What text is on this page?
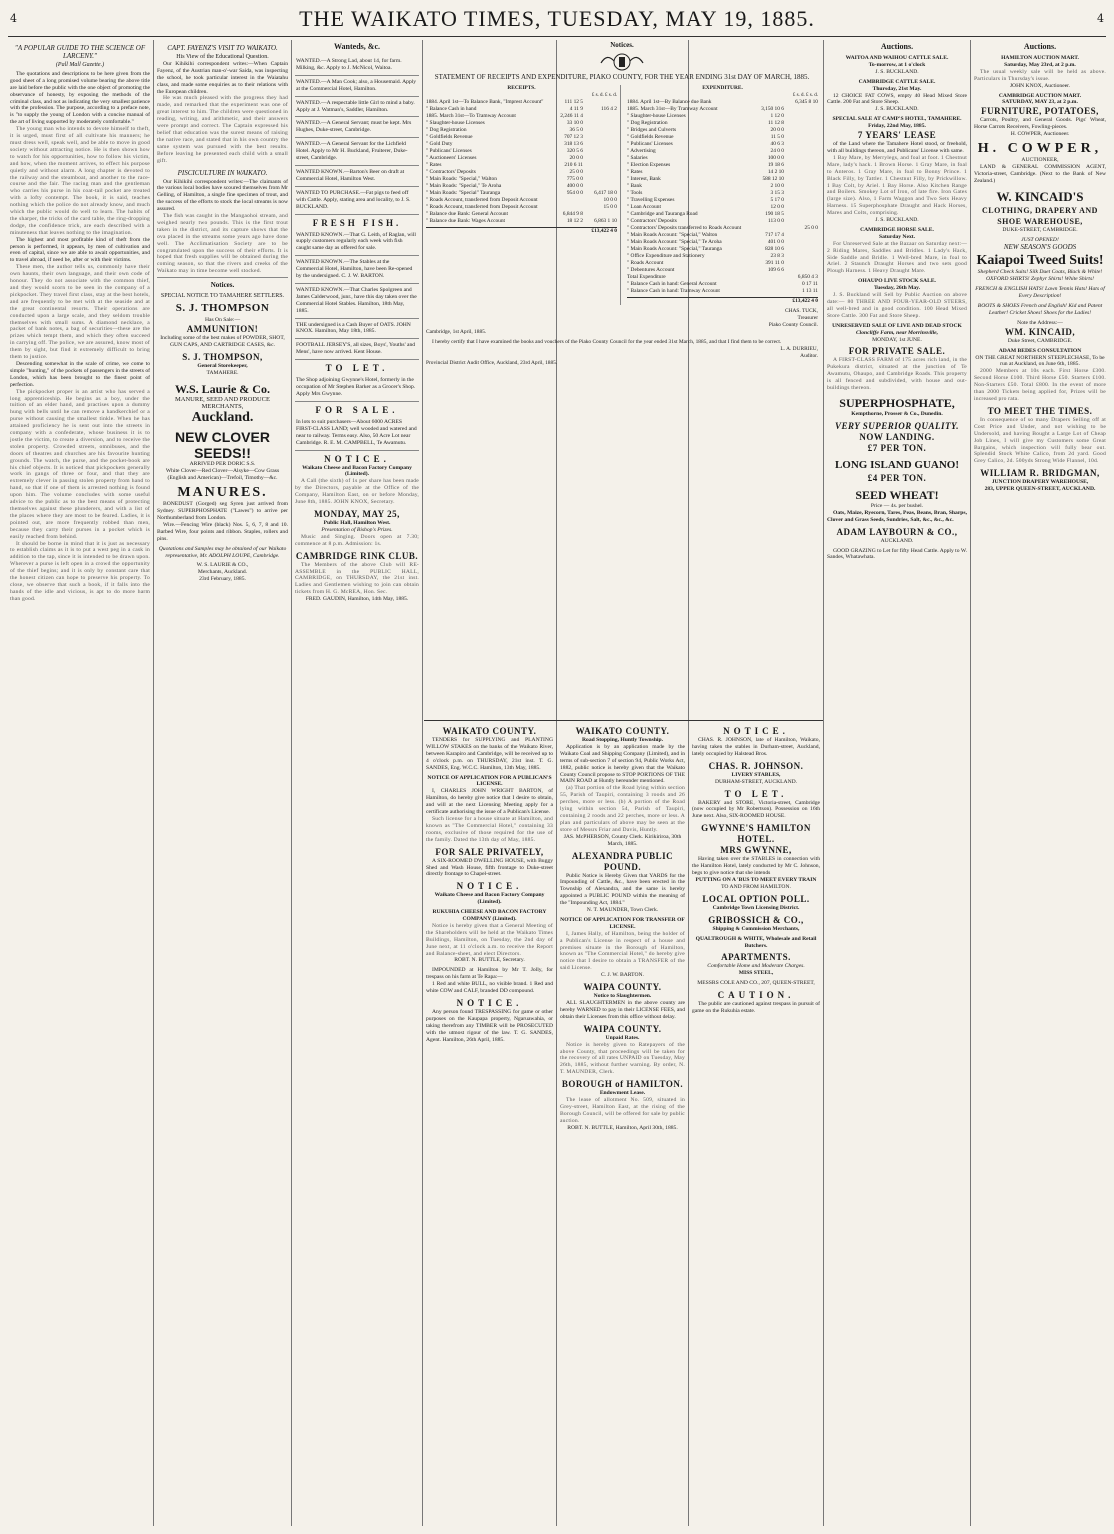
4	THE WAIKATO TIMES, TUESDAY, MAY 19, 1885.	4
"A POPULAR GUIDE TO THE SCIENCE OF LARCENY."
(Pall Mall Gazette.)

The quotations and descriptions to be here given from the good sheet of a long promised volume bearing the above title are laid before the public with the one object of promoting the observance of honesty, by exposing the methods of the criminal class, and not as indicating the very smallest patience with the profession. The purpose, according to a preface note, is "to supply the young of London with a concise manual of the art of living supported by moderately comfortable."

The young man who intends to devote himself to theft, it is urged, must first of all cultivate his manners; he must dress well, speak well, and be able to move in good society without attracting notice. He is then shown how to watch for his opportunities, how to follow his victim, and how, when the moment arrives, to effect his purpose quietly and without alarm. A long chapter is devoted to the railway and the steamboat, and another to the race-course and the fair. The racing man and the gentleman who carries his purse in his coat-tail pocket are treated with a lofty contempt. The book, it is said, teaches nothing which the police do not already know, and much which the public would do well to learn. The habits of the sharper, the tricks of the card table, the ring-dropping dodge, the confidence trick, are each described with a minuteness that leaves nothing to the imagination.

The highest and most profitable kind of theft from the person is performed, it appears, by men of cultivation and even of capital, since we are able to await opportunities, and to travel abroad, if need be, after or with their victims.

These men, the author tells us, commonly have their own haunts, their own language, and their own code of honour. They do not associate with the common thief, and they would scorn to be seen in the company of a pickpocket. They travel first class, stay at the best hotels, and are frequently to be met with at the seaside and at the great continental resorts. Their operations are conducted upon a large scale, and they seldom trouble themselves with small sums. A diamond necklace, a packet of bank notes, a bag of securities—these are the prizes which tempt them, and which they often succeed in carrying off. The police, we are assured, know most of them by sight, but find it extremely difficult to bring them to justice.

Descending somewhat in the scale of crime, we come to simple "hunting," of the pockets of passengers in the streets of London, which has been brought to the finest point of perfection.

The pickpocket proper is an artist who has served a long apprenticeship. He begins as a boy, under the tuition of an elder hand, and practises upon a dummy hung with bells until he can remove a handkerchief or a purse without causing the smallest tinkle. When he has attained proficiency he is sent out into the streets in company with a confederate, whose business it is to jostle the victim, to create a diversion, and to receive the stolen property. Crowded streets, omnibuses, and the doors of theatres and churches are his favourite hunting grounds. The watch, the purse, and the pocket-book are his chief objects. It is noticed that pickpockets generally work in gangs of three or four, and that they are extremely clever in passing stolen property from hand to hand, so that if one of them is arrested nothing is found upon him. The volume concludes with some useful advice to the public as to the best means of protecting themselves against these plunderers, and with a list of the places where they are most to be feared. Ladies, it is pointed out, are more frequently robbed than men, because they carry their purses in a pocket which is easily reached from behind.

It should be borne in mind that it is just as necessary to establish claims as it is to put a west peg in a cask in addition to the tap, since it is intended to be drawn upon. Wherever a purse is left open in a crowd the opportunity of the thief begins; and it is only by constant care that the honest citizen can hope to preserve his property. To close, we observe that such a book, if it falls into the hands of the idle and vicious, is apt to do more harm than good.

CAPT. FAYENZ'S VISIT TO WAIKATO.
His View of the Educational Question.

Our Kihikihi correspondent writes:—When Captain Fayenz, of the Austrian man-o'-war Saida, was inspecting the school, he took particular interest in the Waiatahu class, and made some enquiries as to their relations with the European children.

He was much pleased with the progress they had made, and remarked that the experiment was one of great interest to him. The children were questioned in reading, writing, and arithmetic, and their answers were prompt and correct. The Captain expressed his belief that education was the surest means of raising the native race, and stated that in his own country the same system was pursued with the best results. Before leaving he presented each child with a small gift.

PISCICULTURE IN WAIKATO.

Our Kihikihi correspondent writes:—The claimants of the various local bodies have scoured themselves from Mr Gelling, of Hamilton, a single fine specimen of trout, and the success of the efforts to stock the local streams is now assured.

The fish was caught in the Mangaohoi stream, and weighed nearly two pounds. This is the first trout taken in the district, and its capture shows that the ova placed in the streams some years ago have done well. The Acclimatisation Society are to be congratulated upon the success of their efforts. It is hoped that fresh supplies will be obtained during the coming season, so that the rivers and creeks of the Waikato may in time become well stocked.

Notices.
SPECIAL NOTICE TO TAMAHERE SETTLERS.
S. J. THOMPSON
Has On Sale:—
AMMUNITION!
Including some of the best makes of POWDER, SHOT, GUN CAPS, AND CARTRIDGE CASES, &c.
S. J. THOMPSON,
General Storekeeper,
TAMAHERE.
W.S. Laurie & Co.
MANURE, SEED AND PRODUCE MERCHANTS,
Auckland.
NEW CLOVER SEEDS!!
ARRIVED PER DORIC S.S.
White Clover—Red Clover—Alsyke—Cow Grass (English and American)—Trefoil, Timothy—&c.
MANURES.

BONEDUST (Gorged) seg Syren just arrived from Sydney. SUPERPHOSPHATE ("Lawes") to arrive per Northumberland from London.

Wire.—Fencing Wire (black) Nos. 5, 6, 7, 8 and 10. Barbed Wire, four points and ribbon. Staples, rollers and pins.

Quotations and Samples may be obtained of our Waikato representative, Mr. ADOLPH LOUPE, Cambridge.
W. S. LAURIE & CO.,
Merchants, Auckland.
23rd February, 1885.
Wanteds, &c.
WANTED.—A Strong Lad, about 14, for farm. Milking, &c. Apply to J. McNicol, Waitoa.
WANTED.—A Man Cook; also, a Housemaid. Apply at the Commercial Hotel, Hamilton.
WANTED.—A respectable little Girl to mind a baby. Apply at J. Watman's, Saddler, Hamilton.
WANTED.—A General Servant; must be kept. Mrs Hughes, Duke-street, Cambridge.
WANTED.—A General Servant for the Lichfield Hotel. Apply to Mr H. Buckland, Fruiterer, Duke-street, Cambridge.
WANTED KNOWN.—Barton's Beer on draft at Commercial Hotel, Hamilton West.
WANTED TO PURCHASE.—Fat pigs to feed off with Cattle. Apply, stating area and locality, to J. S. BUCKLAND.
FRESH FISH.
WANTED KNOWN.—That G. Leith, of Raglan, will supply customers regularly each week with fish caught same day as offered for sale.
WANTED KNOWN.—The Stables at the Commercial Hotel, Hamilton, have been Re-opened by the undersigned. C. J. W. BARTON.
WANTED KNOWN.—That Charles Spolgreen and James Calderwood, junr., have this day taken over the Commercial Hotel Stables. Hamilton, 18th May, 1885.
THE undersigned is a Cash Buyer of OATS. JOHN KNOX. Hamilton, May 18th, 1885.
FOOTBALL JERSEY'S, all sizes, Boys', Youths' and Mens', have now arrived. Kent House.
TO LET.
The Shop adjoining Gwynne's Hotel, formerly in the occupation of Mr Stephen Barker as a Grocer's Shop. Apply Mrs Gwynne.
FOR SALE.
In lots to suit purchasers—About 6000 ACRES FIRST-CLASS LAND; well wooded and watered and near to railway. Terms easy. Also, 50 Acre Lot near Cambridge. R. E. M. CAMPBELL, Te Awamutu.
NOTICE.
Waikato Cheese and Bacon Factory Company (Limited).

A Call (the sixth) of 1s per share has been made by the Directors, payable at the Office of the Company, Hamilton East, on or before Monday, June 8th, 1885. JOHN KNOX, Secretary.

MONDAY, MAY 25,
Public Hall, Hamilton West.
Presentation of Bishop's Prizes.

Music and Singing. Doors open at 7.30; commence at 8 p.m. Admission: 1s.

CAMBRIDGE RINK CLUB.

The Members of the above Club will RE-ASSEMBLE in the PUBLIC HALL, CAMBRIDGE, on THURSDAY, the 21st inst. Ladies and Gentlemen wishing to join can obtain tickets from H. G. McREA, Hon. Sec.

FRED. GAUDIN, Hamilton, 14th May, 1885.
Notices.
STATEMENT OF RECEIPTS AND EXPENDITURE, PIAKO COUNTY, FOR THE YEAR ENDING 31st DAY OF MARCH, 1885.
RECEIPTS.
£ s. d. £ s. d.
1884. April 1st—To Balance Bank, "Imprest Account"	111 12 5
" Balance Cash in hand	4 11 9	116 4 2
1885. March 31st—To Tramway Account	2,246 11 4
" Slaughter-house Licenses	33 10 0
" Dog Registration	36 5 0
" Goldfields Revenue	707 12 3
" Gold Duty	318 13 6
" Publicans' Licenses	320 5 6
" Auctioneers' Licenses	20 0 0
" Rates	210 6 11
" Contractors' Deposits	25 0 0
" Main Roads: "Special," Walton	775 0 0
" Main Roads: "Special," Te Aroha	400 0 0
" Main Roads: "Special" Tauranga	954 0 0	6,417 18 0
" Roads Account, transferred from Deposit Account	10 0 0
" Roads Account, transferred from Deposit Account	15 0 0
" Balance due Bank: General Account	6,844 9 8
" Balance due Bank: Wages Account	18 12 2	6,863 1 10
£13,422 4 0
EXPENDITURE.
£ s. d. £ s. d.
1884. April 1st—By Balance due Bank	6,345 8 10
1885. March 31st—By Tramway Account	3,150 10 6
" Slaughter-house Licenses	1 12 0
" Dog Registration	11 12 8
" Bridges and Culverts	20 0 0
" Goldfields Revenue	11 5 0
" Publicans' Licenses	40 6 3
" Advertising	24 0 0
" Salaries	100 0 0
" Election Expenses	19 18 6
" Rates	14 2 10
" Interest, Bank	588 12 10
" Bank	2 10 0
" Tools	3 15 3
" Travelling Expenses	5 17 0
" Loan Account	12 0 0
" Cambridge and Tauranga Road	190 18 5
" Contractors' Deposits	113 0 0
" Contractors' Deposits transferred to Roads Account	25 0 0
" Main Roads Account: "Special," Walton	717 17 4
" Main Roads Account: "Special," Te Aroha	401 0 0
" Main Roads Account: "Special," Tauranga	828 10 6
" Office Expenditure and Stationery	23 8 3
" Roads Account	391 11 0
" Debentures Account	109 6 6
Total Expenditure	6,850 4 3
" Balance Cash in hand: General Account	0 17 11
" Balance Cash in hand: Tramway Account	1 13 11
£13,422 4 0
CHAS. TUCK,
Treasurer
Piako County Council.
Cambridge, 1st April, 1885.

I hereby certify that I have examined the books and vouchers of the Piako County Council for the year ended 31st March, 1885, and that I find them to be correct.

L. A. DURRIEU,
Auditor.
Provincial District Audit Office, Auckland, 23rd April, 1885.
WAIKATO COUNTY.

TENDERS for SUPPLYING and PLANTING WILLOW STAKES on the banks of the Waikato River, between Karapiro and Cambridge, will be received up to 4 o'clock p.m. on THURSDAY, 21st inst. T. G. SANDES, Eng. W.C.C. Hamilton, 13th May, 1885.

NOTICE OF APPLICATION FOR A PUBLICAN'S LICENSE.

I, CHARLES JOHN WRIGHT BARTON, of Hamilton, do hereby give notice that I desire to obtain, and will at the next Licensing Meeting apply for a certificate authorising the issue of a Publican's License.

Such license for a house situate at Hamilton, and known as "The Commercial Hotel," containing 33 rooms, exclusive of those required for the use of the family. Dated the 13th day of May, 1885.

FOR SALE PRIVATELY,

A SIX-ROOMED DWELLING HOUSE, with Buggy Shed and Wash House, fifth frontage to Duke-street directly frontage to Chapel-street.

NOTICE.
Waikato Cheese and Bacon Factory Company (Limited).
RUKUHIA CHEESE AND BACON FACTORY COMPANY (Limited).

Notice is hereby given that a General Meeting of the Shareholders will be held at the Waikato Times Buildings, Hamilton, on Tuesday, the 2nd day of June next, at 11 o'clock a.m. to receive the Report and Balance-sheet, and elect Directors.

ROBT. N. BUTTLE, Secretary.

IMPOUNDED at Hamilton by Mr T. Jolly, for trespass on his farm at Te Rapa:—

1 Red and white BULL, no visible brand. 1 Red and white COW and CALF, branded DD compound.

NOTICE.

Any person found TRESPASSING for game or other purposes on the Kaupapa property, Ngaruawahia, or taking therefrom any TIMBER will be PROSECUTED with the utmost rigour of the law. T. G. SANDES, Agent. Hamilton, 26th April, 1885.

WAIKATO COUNTY.
Road Stopping, Huntly Township.

Application is by an application made by the Waikato Coal and Shipping Company (Limited), and in terms of sub-section 7 of section 94, Public Works Act, 1882, public notice is hereby given that the Waikato County Council propose to STOP PORTIONS OF THE MAIN ROAD at Huntly hereunder mentioned.

(a) That portion of the Road lying within section 55, Parish of Taupiri, containing 3 roods and 26 perches, more or less. (b) A portion of the Road lying within section 54, Parish of Taupiri, containing 2 roods and 22 perches, more or less. A plan and particulars of above may be seen at the store of Messrs Friar and Davis, Huntly.

JAS. McPHERSON, County Clerk. Kirikiriroa, 30th March, 1885.
ALEXANDRA PUBLIC POUND.

Public Notice is Hereby Given that YARDS for the Impounding of Cattle, &c., have been erected in the Township of Alexandra, and the same is hereby appointed a PUBLIC POUND within the meaning of the "Impounding Act, 1884."

N. T. MAUNDER, Town Clerk.
NOTICE OF APPLICATION FOR TRANSFER OF LICENSE.

I, James Hally, of Hamilton, being the holder of a Publican's License in respect of a house and premises situate in the Borough of Hamilton, known as "The Commercial Hotel," do hereby give notice that I desire to obtain a TRANSFER of the said License.

C. J. W. BARTON.
WAIPA COUNTY.
Notice to Slaughtermen.

ALL SLAUGHTERMEN in the above county are hereby WARNED to pay in their LICENSE FEES, and obtain their Licenses from this office without delay.

WAIPA COUNTY.
Unpaid Rates.

Notice is hereby given to Ratepayers of the above County, that proceedings will be taken for the recovery of all rates UNPAID on Tuesday, May 26th, 1885, without further warning. By order, N. T. MAUNDER, Clerk.

BOROUGH of HAMILTON.
Endowment Lease.

The lease of allotment No. 509, situated in Grey-street, Hamilton East, at the rising of the Borough Council, will be offered for sale by public auction.

ROBT. N. BUTTLE, Hamilton, April 30th, 1885.
NOTICE.

CHAS. R. JOHNSON, late of Hamilton, Waikato, having taken the stables in Durham-street, Auckland, lately occupied by Halstead Bros.

CHAS. R. JOHNSON.
LIVERY STABLES,
DURHAM-STREET, AUCKLAND.
TO LET.

BAKERY and STORE, Victoria-street, Cambridge (now occupied by Mr Robertson). Possession on 16th June next. Also, SIX-ROOMED HOUSE.

GWYNNE'S HAMILTON HOTEL.
MRS GWYNNE,

Having taken over the STABLES in connection with the Hamilton Hotel, lately conducted by Mr C. Johnson, begs to give notice that she intends

PUTTING ON A 'BUS TO MEET EVERY TRAIN
TO AND FROM HAMILTON.
LOCAL OPTION POLL.
Cambridge Town Licensing District.
GRIBOSSICH & CO.,
Shipping & Commission Merchants,
QUALTROUGH & WHITE, Wholesale and Retail Butchers.
APARTMENTS.
Comfortable Home and Moderate Charges.
MISS STEEL,
MESSRS COLE AND CO., 207, QUEEN-STREET,
CAUTION.

The public are cautioned against trespass in pursuit of game on the Rukuhia estate.

Auctions.
WAITOA AND WAIHOU CATTLE SALE.
To-morrow, at 1 o'clock
J. S. BUCKLAND.
CAMBRIDGE CATTLE SALE.
Thursday, 21st May.

12 CHOICE FAT COWS, empty 40 Head Mixed Store Cattle. 200 Fat and Store Sheep.

J. S. BUCKLAND.
SPECIAL SALE AT CAMP'S HOTEL, TAMAHERE.
Friday, 22nd May, 1885.
7 YEARS' LEASE

of the Land where the Tamahere Hotel stood, or freehold, with all buildings thereon, and Publicans' License with same.

1 Bay Mare, by Merrylegs, and foal at foot. 1 Chestnut Mare, lady's hack. 1 Brown Horse. 1 Gray Mare, in foal to Anteros. 1 Gray Mare, in foal to Bonny Prince. 1 Black Filly, by Tattler. 1 Chestnut Filly, by Prickwillow. 1 Bay Colt, by Ariel. 1 Bay Horse. Also Kitchen Range and Boilers. Smokey Lot of Iron, of late fire. Iron Gates (large size). Also, 1 Farm Waggon and Two Sets Heavy Harness. 15 Superphosphate Draught and Hack Horses, Mares and Colts, comprising.

J. S. BUCKLAND.
CAMBRIDGE HORSE SALE.
Saturday Next.

For Unreserved Sale at the Bazaar on Saturday next:— 2 Riding Mares, Saddles and Bridles. 1 Lady's Hack, Side Saddle and Bridle. 1 Well-bred Mare, in foal to Ariel. 2 Staunch Draught Horses and two sets good Plough Harness. 1 Heavy Draught Mare.

OHAUPO LIVE STOCK SALE.
Tuesday, 26th May.

J. S. Buckland will Sell by Public Auction on above date:— 80 THREE AND FOUR-YEAR-OLD STEERS, all well-bred and in good condition. 100 Head Mixed Store Cattle. 300 Fat and Store Sheep.

UNRESERVED SALE OF LIVE AND DEAD STOCK
Cloncliffe Farm, near Morrinsville,
MONDAY, 1st JUNE.
FOR PRIVATE SALE.

A FIRST-CLASS FARM of 175 acres rich land, in the Pukekura district, situated at the junction of Te Awamutu, Ohaupo, and Cambridge Roads. This property is all fenced and subdivided, with house and out-buildings thereon.

SUPERPHOSPHATE,
Kempthorne, Prosser & Co., Dunedin.
VERY SUPERIOR QUALITY.
NOW LANDING.
£7 PER TON.
LONG ISLAND GUANO!
£4 PER TON.
SEED WHEAT!
Price — 4s. per bushel.

Oats, Maize, Ryecorn, Tares, Peas, Beans, Bran, Sharps, Clover and Grass Seeds, Sundries, Salt, &c., &c., &c.

ADAM LAYBOURN & CO.,
AUCKLAND.

GOOD GRAZING to Let for fifty Head Cattle. Apply to W. Sandes, Whatawhata.

Auctions.
HAMILTON AUCTION MART.
Saturday, May 23rd, at 2 p.m.

The usual weekly sale will be held as above. Particulars in Thursday's issue.

JOHN KNOX, Auctioneer.
CAMBRIDGE AUCTION MART.
SATURDAY, MAY 23, at 2 p.m.
FURNITURE, POTATOES,

Carrots, Poultry, and General Goods. Pigs' Wheat, Horse Carrots Receivers, Fowling-pieces.

H. COWPER, Auctioneer.
H. COWPER,
AUCTIONEER,

LAND & GENERAL COMMISSION AGENT, Victoria-street, Cambridge. (Next to the Bank of New Zealand.)

W. KINCAID'S
CLOTHING, DRAPERY AND SHOE WAREHOUSE,
DUKE-STREET, CAMBRIDGE.
JUST OPENED!
NEW SEASON'S GOODS
Kaiapoi Tweed Suits!
Shepherd Check Suits! Silk Duet Coats, Black & White! OXFORD SHIRTS! Zephyr Shirts! White Shirts!
FRENCH & ENGLISH HATS! Lawn Tennis Hats! Hats of Every Description!
BOOTS & SHOES French and English! Kid and Patent Leather! Cricket Shoes! Shoes for the Ladies!
Note the Address:—
WM. KINCAID,
Duke Street, CAMBRIDGE.
ADAM BEDES CONSULTATION
ON THE GREAT NORTHERN STEEPLECHASE, To be run at Auckland, on June 6th, 1885.

2000 Members at 10s each. First Horse £300. Second Horse £100. Third Horse £50. Starters £100. Non-Starters £50. Total £800. In the event of more than 2000 Tickets being applied for, Prizes will be increased pro rata.

TO MEET THE TIMES.

In consequence of so many Drapers Selling off at Cost Price and Under, and not wishing to be Undersold, and having Bought a Large Lot of Cheap Job Lines, I will give my Customers some Great Bargains, which inspection will fully bear out. Splendid Stock White Calico, from 2d yard. Good Grey Calico, 2d. 500yds Strong Wide Flannel, 10d.

WILLIAM R. BRIDGMAN,
JUNCTION DRAPERY WAREHOUSE,
283, UPPER QUEEN-STREET, AUCKLAND.
